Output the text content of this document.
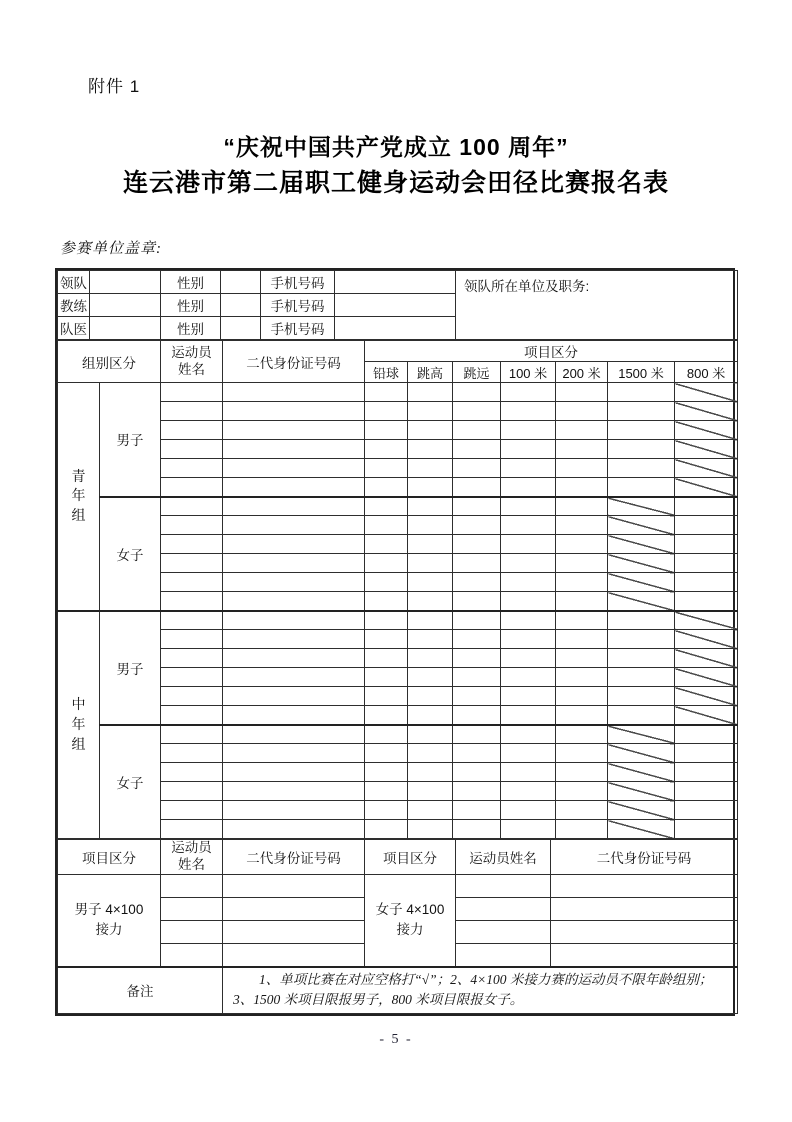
附件 1
“庆祝中国共产党成立 100 周年”
连云港市第二届职工健身运动会田径比赛报名表
参赛单位盖章:
领队		性别		手机号码		领队所在单位及职务:
教练		性别		手机号码		
队医		性别		手机号码		
组别区分		运动员姓名	二代身份证号码	项目区分						
				铅球	跳高	跳远	100 米	200 米	1500 米	800 米
青年组	男子									

	女子									

中年组	男子									

	女子									

项目区分	运动员姓名	二代身份证号码	项目区分	运动员姓名	二代身份证号码
男子 4×100 接力			女子 4×100 接力		

备注		1、单项比赛在对应空格打“√”；2、4×100 米接力赛的运动员不限年龄组别；3、1500 米项目限报男子，800 米项目限报女子。			
- 5 -
